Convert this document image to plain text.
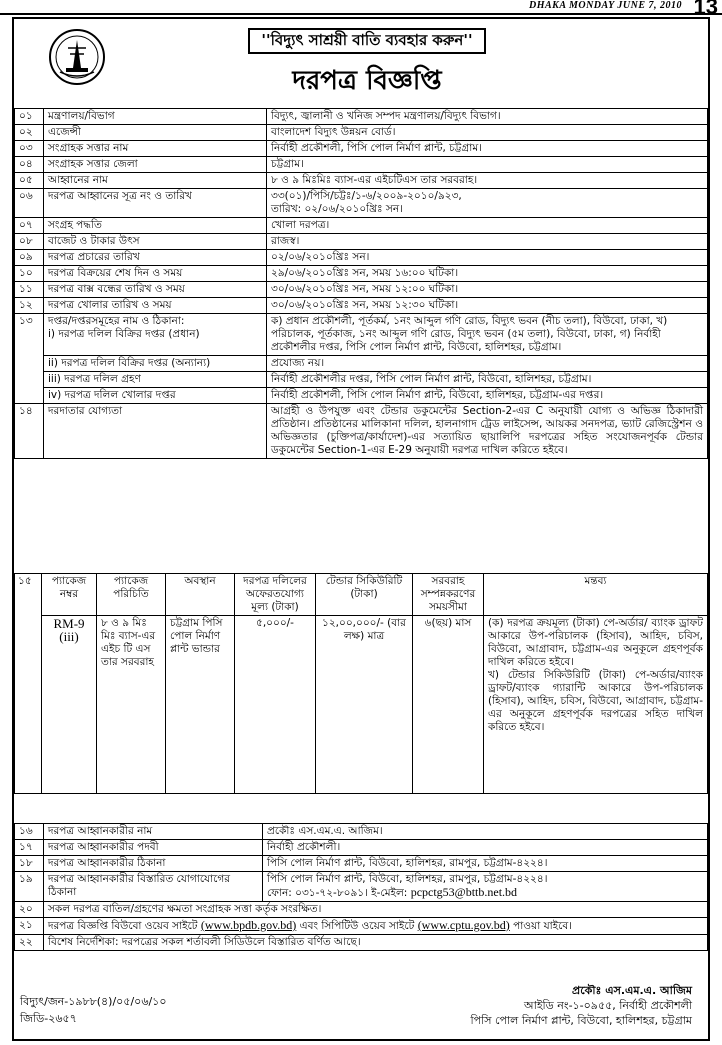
DHAKA MONDAY JUNE 7, 2010 13
''বিদ্যুৎ সাশ্রয়ী বাতি ব্যবহার করুন''
দরপত্র বিজ্ঞপ্তি
০১	মন্ত্রণালয়/বিভাগ	বিদ্যুৎ, জ্বালানী ও খনিজ সম্পদ মন্ত্রণালয়/বিদ্যুৎ বিভাগ।
০২	এজেন্সী	বাংলাদেশ বিদ্যুৎ উন্নয়ন বোর্ড।
০৩	সংগ্রাহক সত্তার নাম	নির্বাহী প্রকৌশলী, পিসি পোল নির্মাণ প্লান্ট, চট্টগ্রাম।
০৪	সংগ্রাহক সত্তার জেলা	চট্টগ্রাম।
০৫	আহ্বানের নাম	৮ ও ৯ মিঃমিঃ ব্যাস-এর এইচটিএস তার সরবরাহ।
০৬	দরপত্র আহ্বানের সূত্র নং ও তারিখ	৩৩(০১)/পিসি/চট্টঃ/১-৬/২০০৯-২০১০/৯২৩,
তারিখ: ০২/০৬/২০১০খ্রিঃ সন।

০৭	সংগ্রহ পদ্ধতি	খোলা দরপত্র।
০৮	বাজেট ও টাকার উৎস	রাজস্ব।
০৯	দরপত্র প্রচারের তারিখ	০২/০৬/২০১০খ্রিঃ সন।
১০	দরপত্র বিক্রয়ের শেষ দিন ও সময়	২৯/০৬/২০১০খ্রিঃ সন, সময় ১৬:০০ ঘটিকা।
১১	দরপত্র বাক্স বন্ধের তারিখ ও সময়	৩০/০৬/২০১০খ্রিঃ সন, সময় ১২:০০ ঘটিকা।
১২	দরপত্র খোলার তারিখ ও সময়	৩০/০৬/২০১০খ্রিঃ সন, সময় ১২:৩০ ঘটিকা।
১৩	দপ্তর/দপ্তরসমূহের নাম ও ঠিকানা:
i) দরপত্র দলিল বিক্রির দপ্তর (প্রধান)	ক) প্রধান প্রকৌশলী, পূর্তকর্ম, ১নং আব্দুল গণি রোড, বিদ্যুৎ ভবন (নীচ তলা), বিউবো, ঢাকা, খ) পরিচালক, পূর্তকাজ, ১নং আব্দুল গণি রোড, বিদ্যুৎ ভবন (৫ম তলা), বিউবো, ঢাকা, গ) নির্বাহী প্রকৌশলীর দপ্তর, পিসি পোল নির্মাণ প্লান্ট, বিউবো, হালিশহর, চট্টগ্রাম।
	ii) দরপত্র দলিল বিক্রির দপ্তর (অন্যান্য)	প্রযোজ্য নয়।
	iii) দরপত্র দলিল গ্রহণ	নির্বাহী প্রকৌশলীর দপ্তর, পিসি পোল নির্মাণ প্লান্ট, বিউবো, হালিশহর, চট্টগ্রাম।
	iv) দরপত্র দলিল খোলার দপ্তর	নির্বাহী প্রকৌশলী, পিসি পোল নির্মাণ প্লান্ট, বিউবো, হালিশহর, চট্টগ্রাম-এর দপ্তর।
১৪	দরদাতার যোগ্যতা	আগ্রহী ও উপযুক্ত এবং টেন্ডার ডকুমেন্টের Section-2-এর C অনুযায়ী যোগ্য ও অভিজ্ঞ ঠিকাদারী প্রতিষ্ঠান। প্রতিষ্ঠানের মালিকানা দলিল, হালনাগাদ ট্রেড লাইসেন্স, আয়কর সনদপত্র, ভ্যাট রেজিস্ট্রেশন ও অভিজ্ঞতার (চুক্তিপত্র/কার্যাদেশ)-এর সত্যায়িত ছায়ালিপি দরপত্রের সহিত সংযোজনপূর্বক টেন্ডার ডকুমেন্টের Section-1-এর E-29 অনুযায়ী দরপত্র দাখিল করিতে হইবে।
১৫	প্যাকেজ নম্বর	প্যাকেজ পরিচিতি	অবস্থান	দরপত্র দলিলের অফেরতযোগ্য মূল্য (টাকা)	টেন্ডার সিকিউরিটি (টাকা)	সরবরাহ সম্পন্নকরণের সময়সীমা	মন্তব্য
	RM-9 (iii)	৮ ও ৯ মিঃ মিঃ ব্যাস-এর এইচ টি এস তার সরবরাহ	চট্টগ্রাম পিসি পোল নির্মাণ প্লান্ট ভান্ডার	৫,০০০/-	১২,০০,০০০/- (বার লক্ষ) মাত্র	৬(ছয়) মাস	(ক) দরপত্র ক্রয়মূল্য (টাকা) পে-অর্ডার/ ব্যাংক ড্রাফট আকারে উপ-পরিচালক (হিসাব), আহিদ, চবিস, বিউবো, আগ্রাবাদ, চট্টগ্রাম-এর অনুকূলে গ্রহণপূর্বক দাখিল করিতে হইবে।
খ) টেন্ডার সিকিউরিটি (টাকা) পে-অর্ডার/ব্যাংক ড্রাফট/ব্যাংক গ্যারান্টি আকারে উপ-পরিচালক (হিসাব), আহিদ, চবিস, বিউবো, আগ্রাবাদ, চট্টগ্রাম-এর অনুকূলে গ্রহণপূর্বক দরপত্রের সহিত দাখিল করিতে হইবে।
১৬	দরপত্র আহ্বানকারীর নাম	প্রকৌঃ এস.এম.এ. আজিম।
১৭	দরপত্র আহ্বানকারীর পদবী	নির্বাহী প্রকৌশলী।
১৮	দরপত্র আহ্বানকারীর ঠিকানা	পিসি পোল নির্মাণ প্লান্ট, বিউবো, হালিশহর, রামপুর, চট্টগ্রাম-৪২২৪।
১৯	দরপত্র আহ্বানকারীর বিস্তারিত যোগাযোগের ঠিকানা	পিসি পোল নির্মাণ প্লান্ট, বিউবো, হালিশহর, রামপুর, চট্টগ্রাম-৪২২৪।
ফোন: ০৩১-৭২-৮০৯১। ই-মেইল: pcpctg53@bttb.net.bd

২০	সকল দরপত্র বাতিল/গ্রহণের ক্ষমতা সংগ্রাহক সত্তা কর্তৃক সংরক্ষিত।	
২১	দরপত্র বিজ্ঞপ্তি বিউবো ওয়েব সাইটে (www.bpdb.gov.bd) এবং সিপিটিউ ওয়েব সাইটে (www.cptu.gov.bd) পাওয়া যাইবে।	
২২	বিশেষ নির্দেশিকা: দরপত্রের সকল শর্তাবলী সিডিউলে বিস্তারিত বর্ণিত আছে।	
বিদ্যুৎ/জন-১৯৮৮(৪)/০৫/০৬/১০
জিডি-২৬৫৭
প্রকৌঃ এস.এম.এ. আজিম
আইডি নং-১-০৯৫৫, নির্বাহী প্রকৌশলী
পিসি পোল নির্মাণ প্লান্ট, বিউবো, হালিশহর, চট্টগ্রাম
